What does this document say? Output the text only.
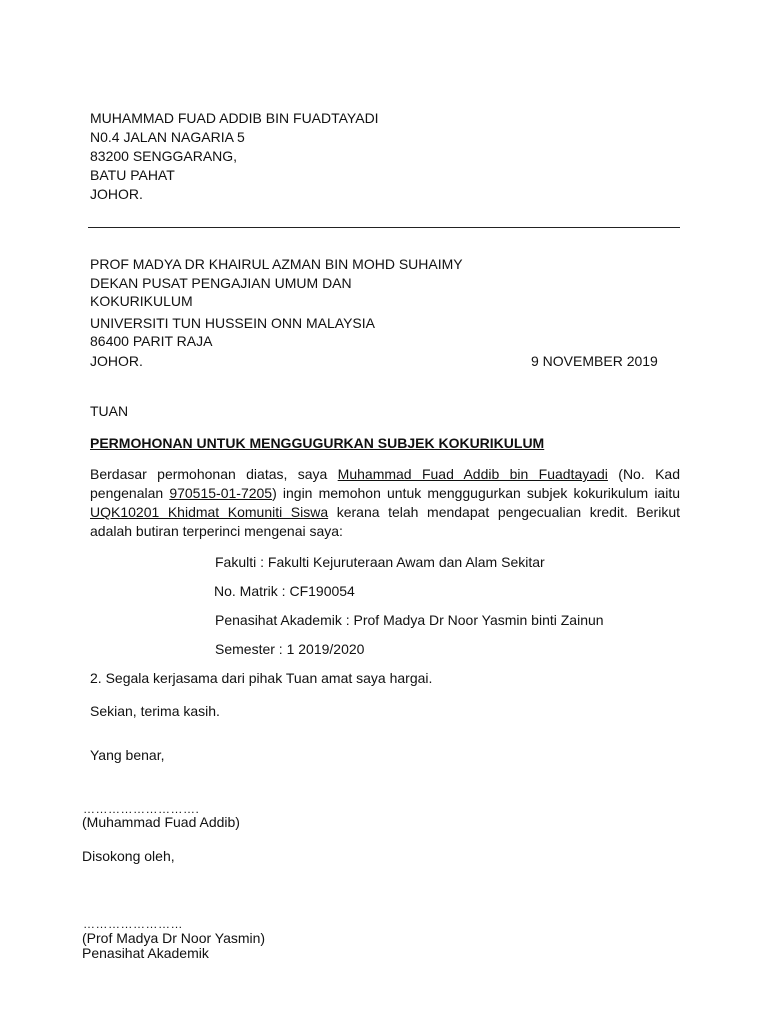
MUHAMMAD FUAD ADDIB BIN FUADTAYADI
N0.4 JALAN NAGARIA 5
83200 SENGGARANG,
BATU PAHAT
JOHOR.
PROF MADYA DR KHAIRUL AZMAN BIN MOHD SUHAIMY
DEKAN PUSAT PENGAJIAN UMUM DAN
KOKURIKULUM
UNIVERSITI TUN HUSSEIN ONN MALAYSIA
86400 PARIT RAJA
JOHOR.	9 NOVEMBER 2019
TUAN
PERMOHONAN UNTUK MENGGUGURKAN SUBJEK KOKURIKULUM
Berdasar permohonan diatas, saya Muhammad Fuad Addib bin Fuadtayadi (No. Kad pengenalan 970515-01-7205) ingin memohon untuk menggugurkan subjek kokurikulum iaitu UQK10201 Khidmat Komuniti Siswa kerana telah mendapat pengecualian kredit. Berikut adalah butiran terperinci mengenai saya:
Fakulti : Fakulti Kejuruteraan Awam dan Alam Sekitar
No. Matrik : CF190054
Penasihat Akademik : Prof Madya Dr Noor Yasmin binti Zainun
Semester : 1 2019/2020
2. Segala kerjasama dari pihak Tuan amat saya hargai.
Sekian, terima kasih.
Yang benar,
……………………….
(Muhammad Fuad Addib)
Disokong oleh,
……………………
(Prof Madya Dr Noor Yasmin)
Penasihat Akademik
